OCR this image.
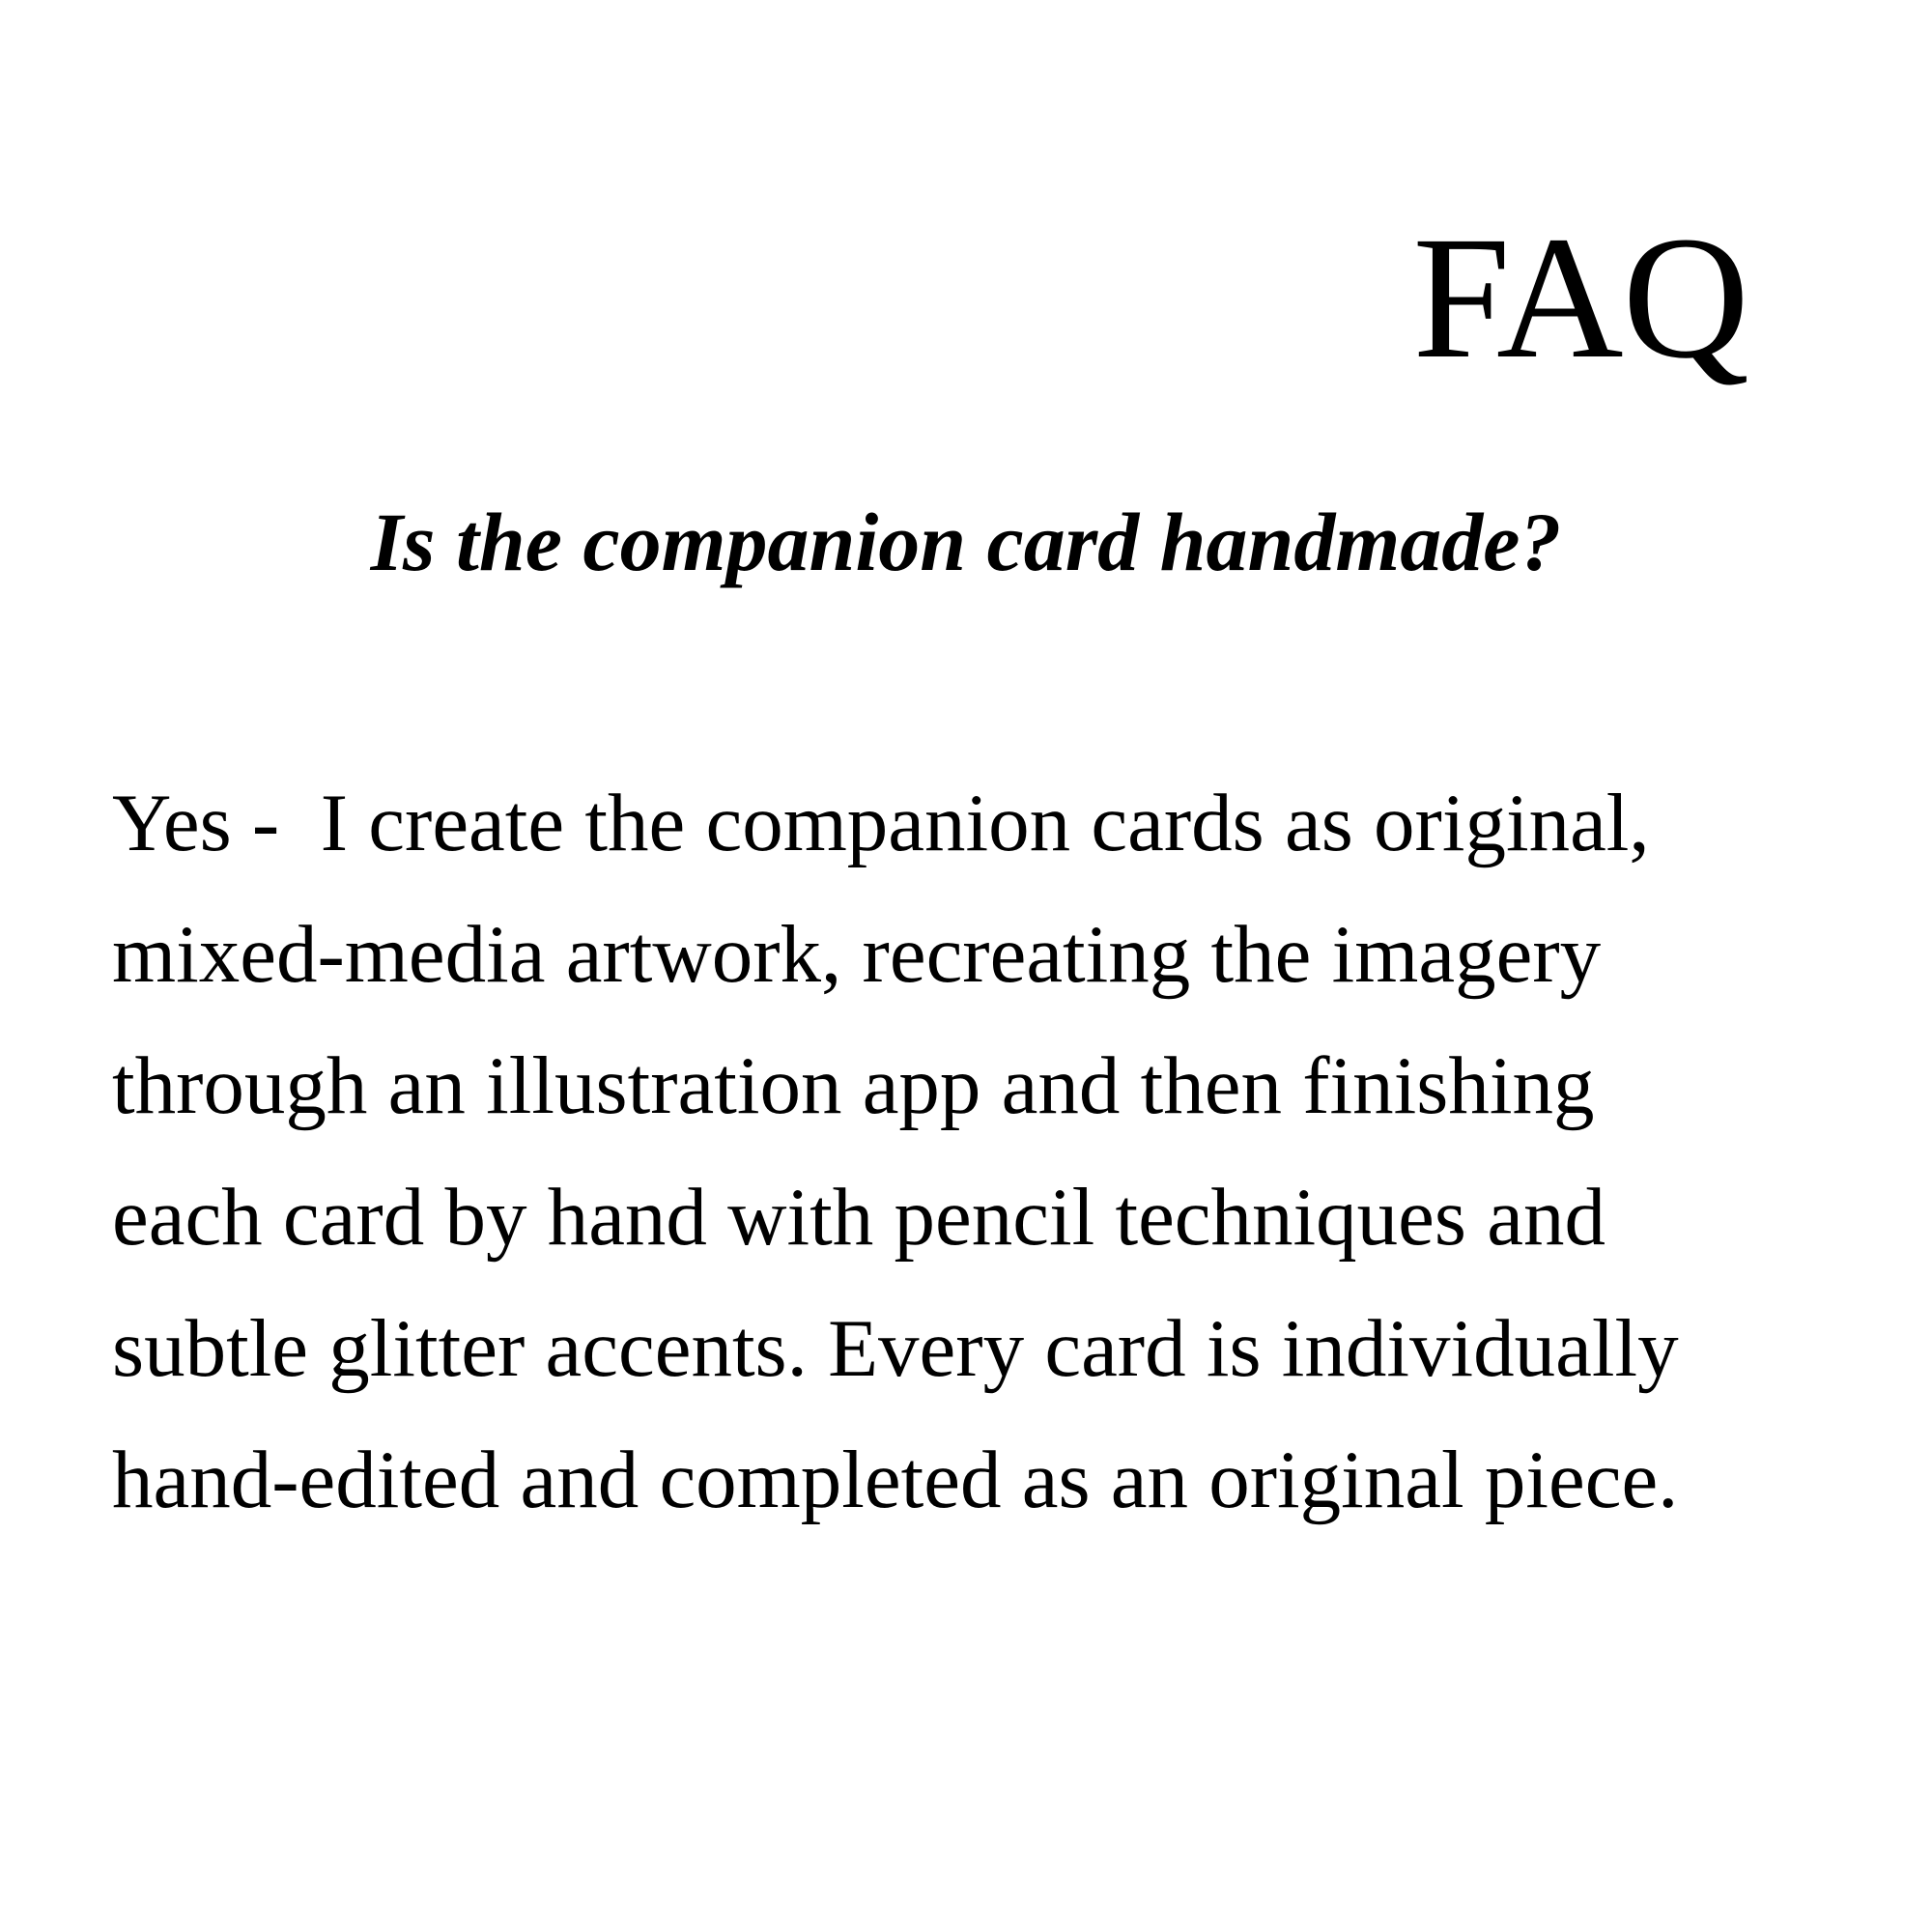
FAQ
Is the companion card handmade?
Yes -  I create the companion cards as original,
mixed-media artwork, recreating the imagery
through an illustration app and then finishing
each card by hand with pencil techniques and
subtle glitter accents. Every card is individually
hand-edited and completed as an original piece.
